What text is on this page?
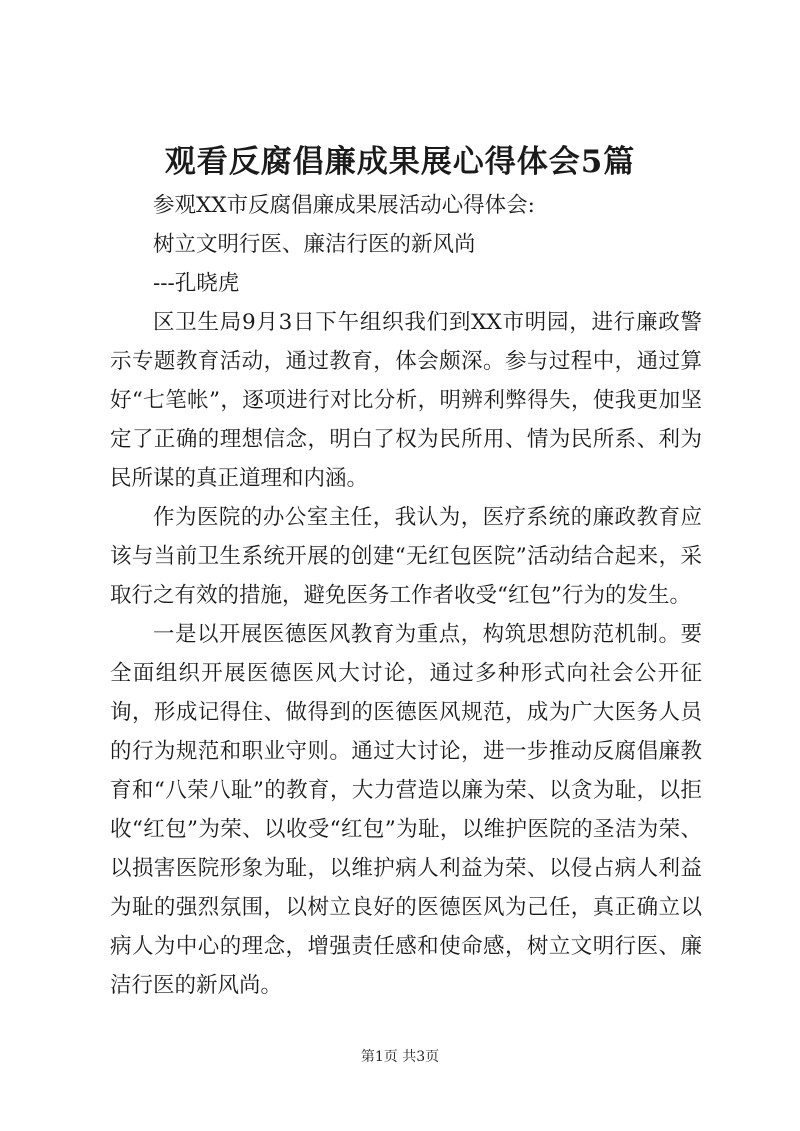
观看反腐倡廉成果展心得体会5篇

参观XX市反腐倡廉成果展活动心得体会:

树立文明行医、廉洁行医的新风尚

---孔晓虎

区卫生局9月3日下午组织我们到XX市明园，进行廉政警示专题教育活动，通过教育，体会颇深。参与过程中，通过算好“七笔帐”，逐项进行对比分析，明辨利弊得失，使我更加坚定了正确的理想信念，明白了权为民所用、情为民所系、利为民所谋的真正道理和内涵。

作为医院的办公室主任，我认为，医疗系统的廉政教育应该与当前卫生系统开展的创建“无红包医院”活动结合起来，采取行之有效的措施，避免医务工作者收受“红包”行为的发生。

一是以开展医德医风教育为重点，构筑思想防范机制。要全面组织开展医德医风大讨论，通过多种形式向社会公开征询，形成记得住、做得到的医德医风规范，成为广大医务人员的行为规范和职业守则。通过大讨论，进一步推动反腐倡廉教育和“八荣八耻”的教育，大力营造以廉为荣、以贪为耻，以拒收“红包”为荣、以收受“红包”为耻，以维护医院的圣洁为荣、以损害医院形象为耻，以维护病人利益为荣、以侵占病人利益为耻的强烈氛围，以树立良好的医德医风为己任，真正确立以病人为中心的理念，增强责任感和使命感，树立文明行医、廉洁行医的新风尚。

第1页 共3页
